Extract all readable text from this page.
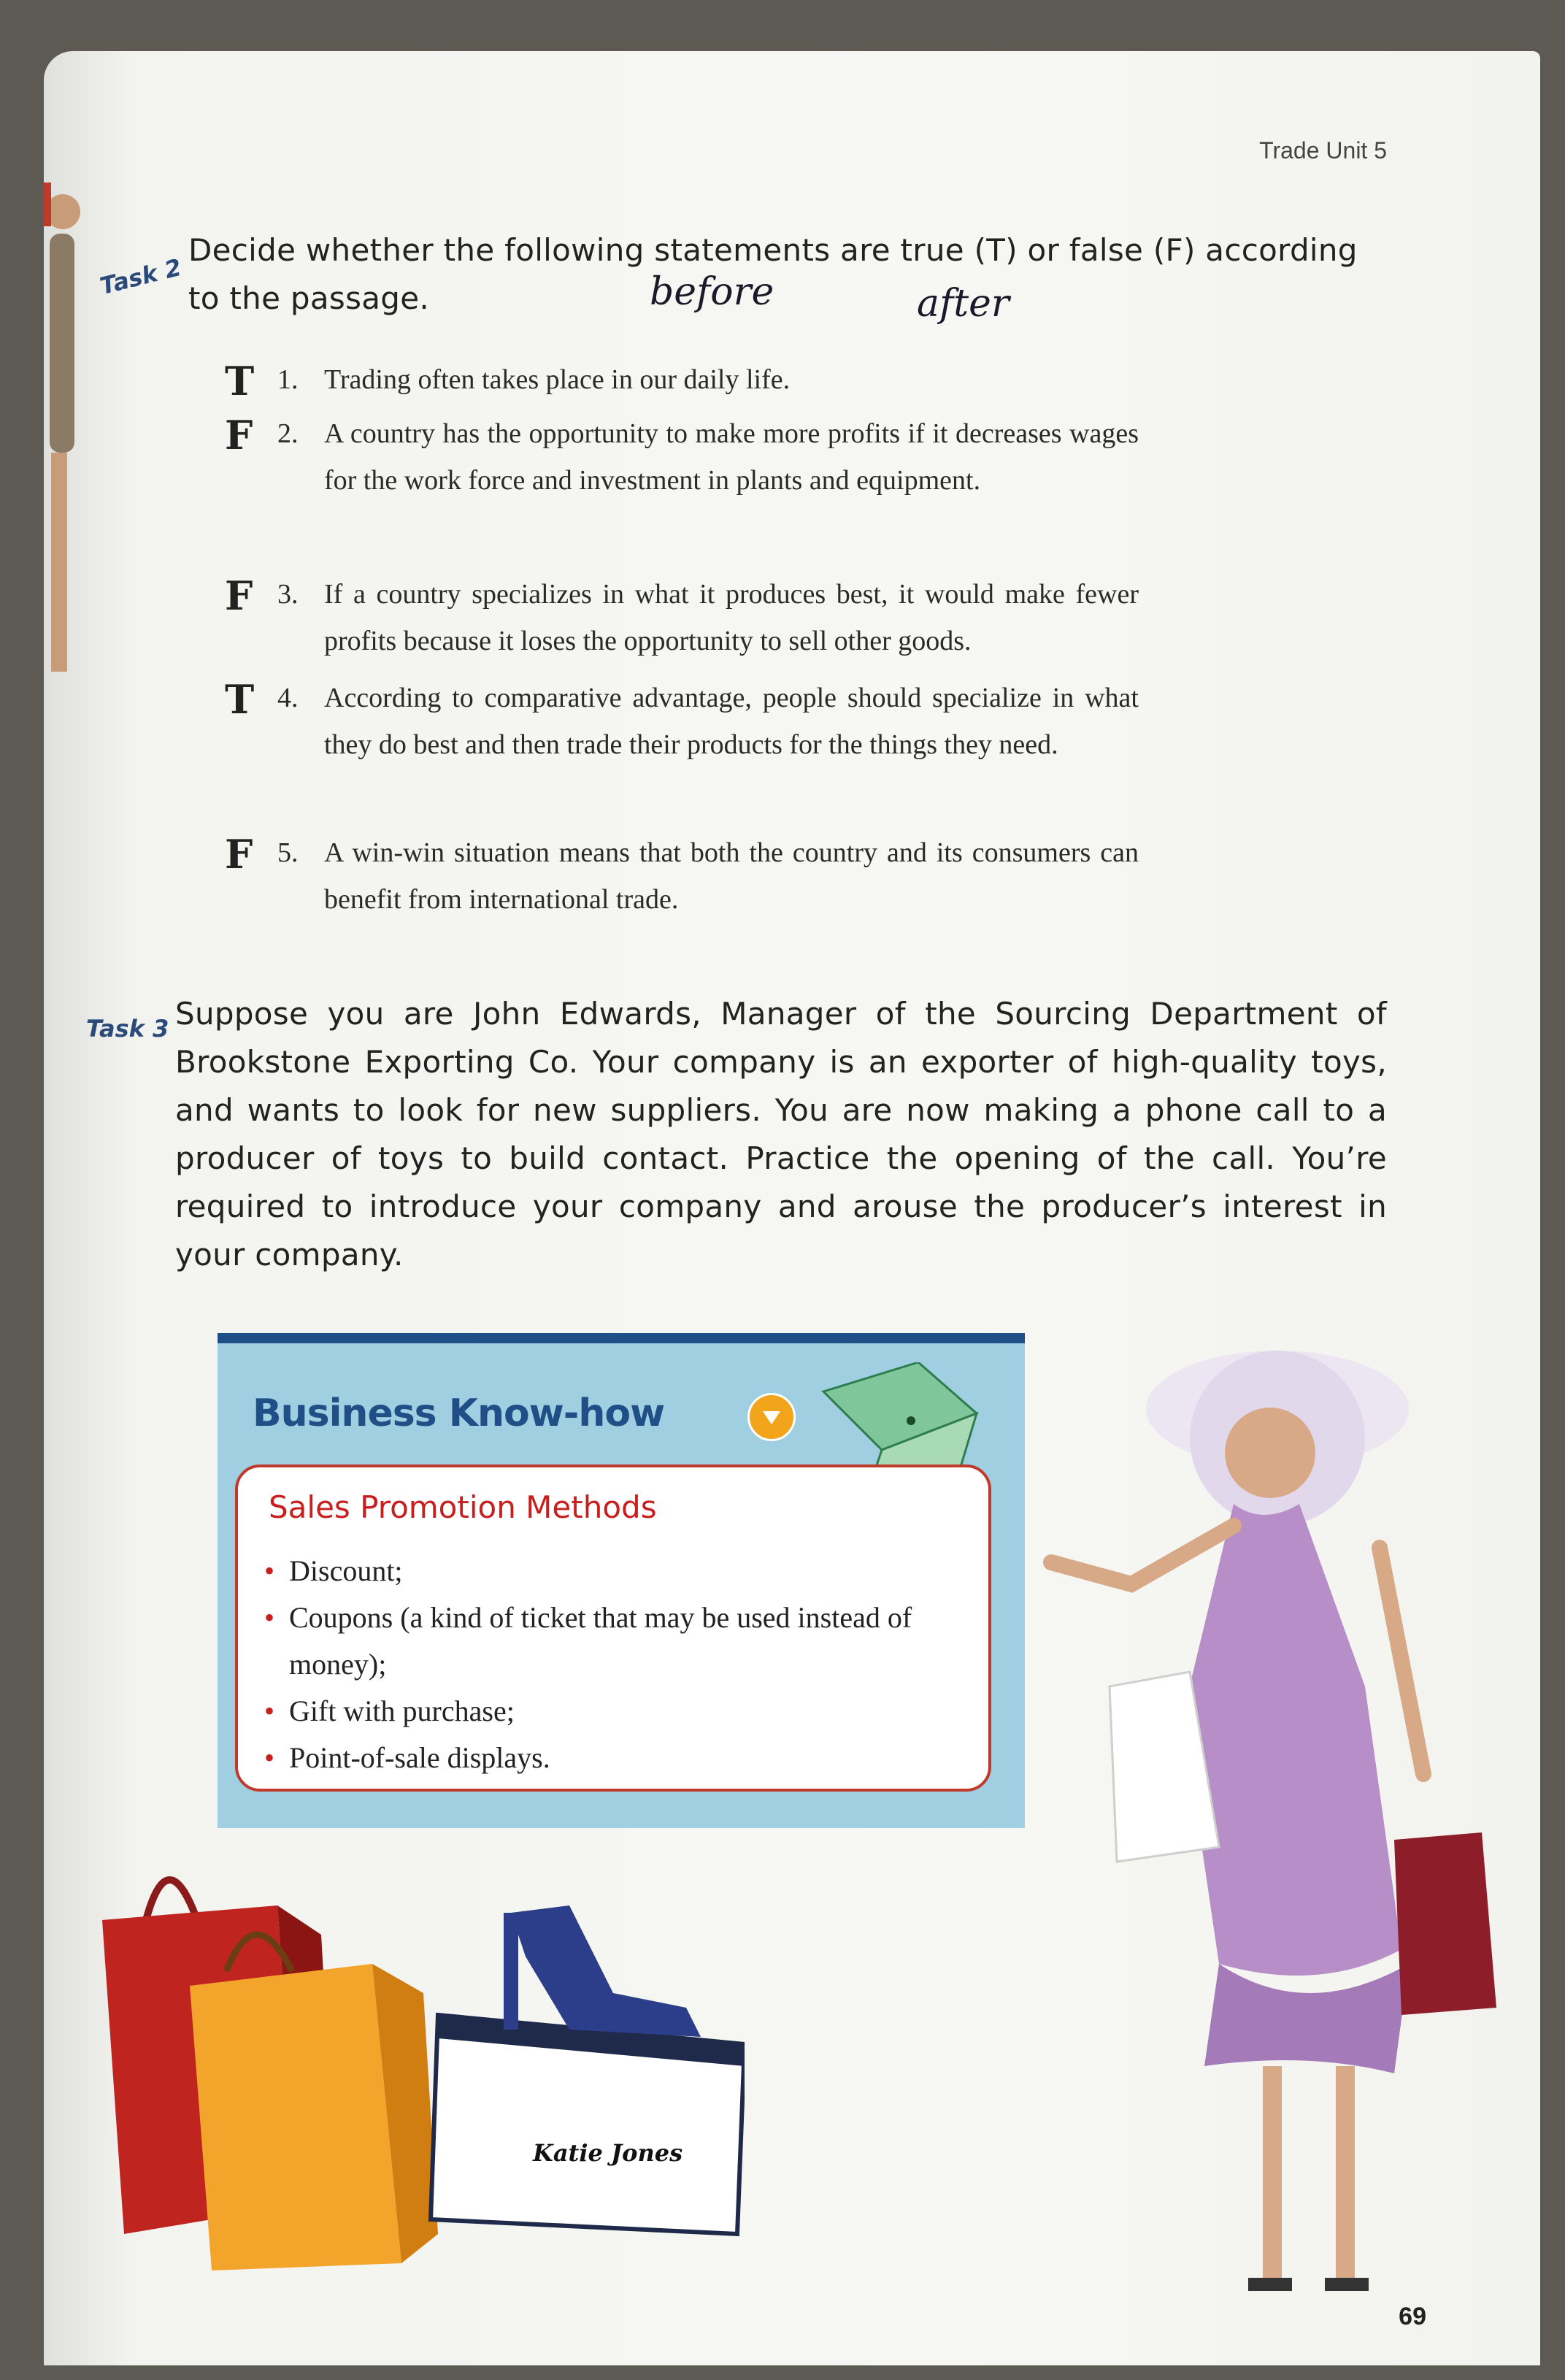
Trade Unit 5
Task 2
Decide whether the following statements are true (T) or false (F) according to the passage.	before	after
T 1. Trading often takes place in our daily life.
F 2. A country has the opportunity to make more profits if it decreases wages for the work force and investment in plants and equipment.
F 3. If a country specializes in what it produces best, it would make fewer profits because it loses the opportunity to sell other goods.
T 4. According to comparative advantage, people should specialize in what they do best and then trade their products for the things they need.
F 5. A win-win situation means that both the country and its consumers can benefit from international trade.
Task 3 Suppose you are John Edwards, Manager of the Sourcing Department of Brookstone Exporting Co. Your company is an exporter of high-quality toys, and wants to look for new suppliers. You are now making a phone call to a producer of toys to build contact. Practice the opening of the call. You’re required to introduce your company and arouse the producer’s interest in your company.
Business Know-how
Sales Promotion Methods
• Discount;
• Coupons (a kind of ticket that may be used instead of money);
• Gift with purchase;
• Point-of-sale displays.
Katie Jones
69
